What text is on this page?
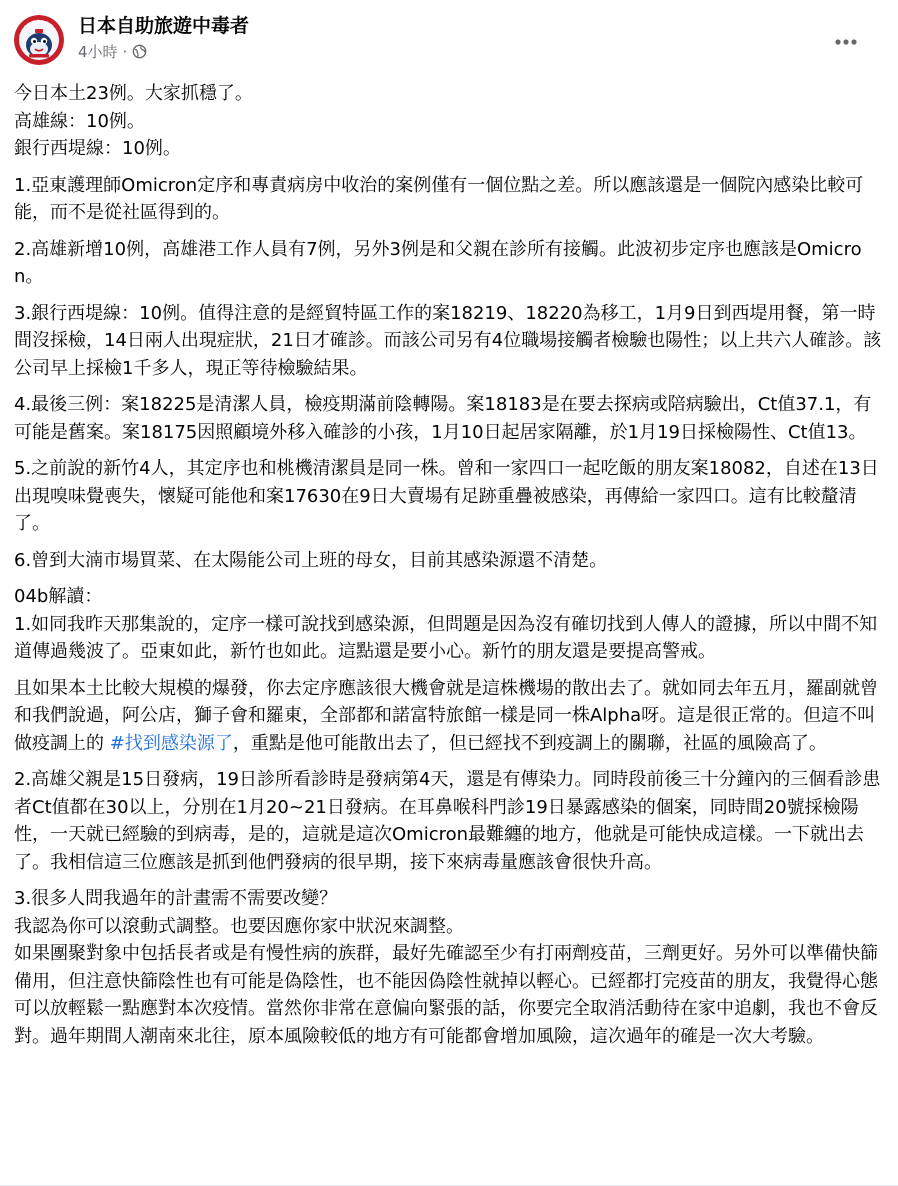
日本自助旅遊中毒者 日本自助旅遊中毒者
4小時 ·

今日本土23例。大家抓穩了。
高雄線：10例。
銀行西堤線：10例。

1.亞東護理師Omicron定序和專責病房中收治的案例僅有一個位點之差。所以應該還是一個院內感染比較可能，而不是從社區得到的。

2.高雄新增10例，高雄港工作人員有7例，另外3例是和父親在診所有接觸。此波初步定序也應該是Omicron。

3.銀行西堤線：10例。值得注意的是經貿特區工作的案18219、18220為移工，1月9日到西堤用餐，第一時間沒採檢，14日兩人出現症狀，21日才確診。而該公司另有4位職場接觸者檢驗也陽性；以上共六人確診。該公司早上採檢1千多人，現正等待檢驗結果。

4.最後三例：案18225是清潔人員，檢疫期滿前陰轉陽。案18183是在要去探病或陪病驗出，Ct值37.1，有可能是舊案。案18175因照顧境外移入確診的小孩，1月10日起居家隔離，於1月19日採檢陽性、Ct值13。

5.之前說的新竹4人，其定序也和桃機清潔員是同一株。曾和一家四口一起吃飯的朋友案18082，自述在13日出現嗅味覺喪失，懷疑可能他和案17630在9日大賣場有足跡重疊被感染，再傳給一家四口。這有比較釐清了。

6.曾到大湳市場買菜、在太陽能公司上班的母女，目前其感染源還不清楚。

04b解讀：
1.如同我昨天那集說的，定序一樣可說找到感染源，但問題是因為沒有確切找到人傳人的證據，所以中間不知道傳過幾波了。亞東如此，新竹也如此。這點還是要小心。新竹的朋友還是要提高警戒。

且如果本土比較大規模的爆發，你去定序應該很大機會就是這株機場的散出去了。就如同去年五月，羅副就曾和我們說過，阿公店，獅子會和羅東，全部都和諾富特旅館一樣是同一株Alpha呀。這是很正常的。但這不叫做疫調上的 #找到感染源了，重點是他可能散出去了，但已經找不到疫調上的關聯，社區的風險高了。

2.高雄父親是15日發病，19日診所看診時是發病第4天，還是有傳染力。同時段前後三十分鐘內的三個看診患者Ct值都在30以上，分別在1月20~21日發病。在耳鼻喉科門診19日暴露感染的個案，同時間20號採檢陽性，一天就已經驗的到病毒，是的，這就是這次Omicron最難纏的地方，他就是可能快成這樣。一下就出去了。我相信這三位應該是抓到他們發病的很早期，接下來病毒量應該會很快升高。

3.很多人問我過年的計畫需不需要改變？
我認為你可以滾動式調整。也要因應你家中狀況來調整。
如果團聚對象中包括長者或是有慢性病的族群，最好先確認至少有打兩劑疫苗，三劑更好。另外可以準備快篩備用，但注意快篩陰性也有可能是偽陰性，也不能因偽陰性就掉以輕心。已經都打完疫苗的朋友，我覺得心態可以放輕鬆一點應對本次疫情。當然你非常在意偏向緊張的話，你要完全取消活動待在家中追劇，我也不會反對。過年期間人潮南來北往，原本風險較低的地方有可能都會增加風險，這次過年的確是一次大考驗。
